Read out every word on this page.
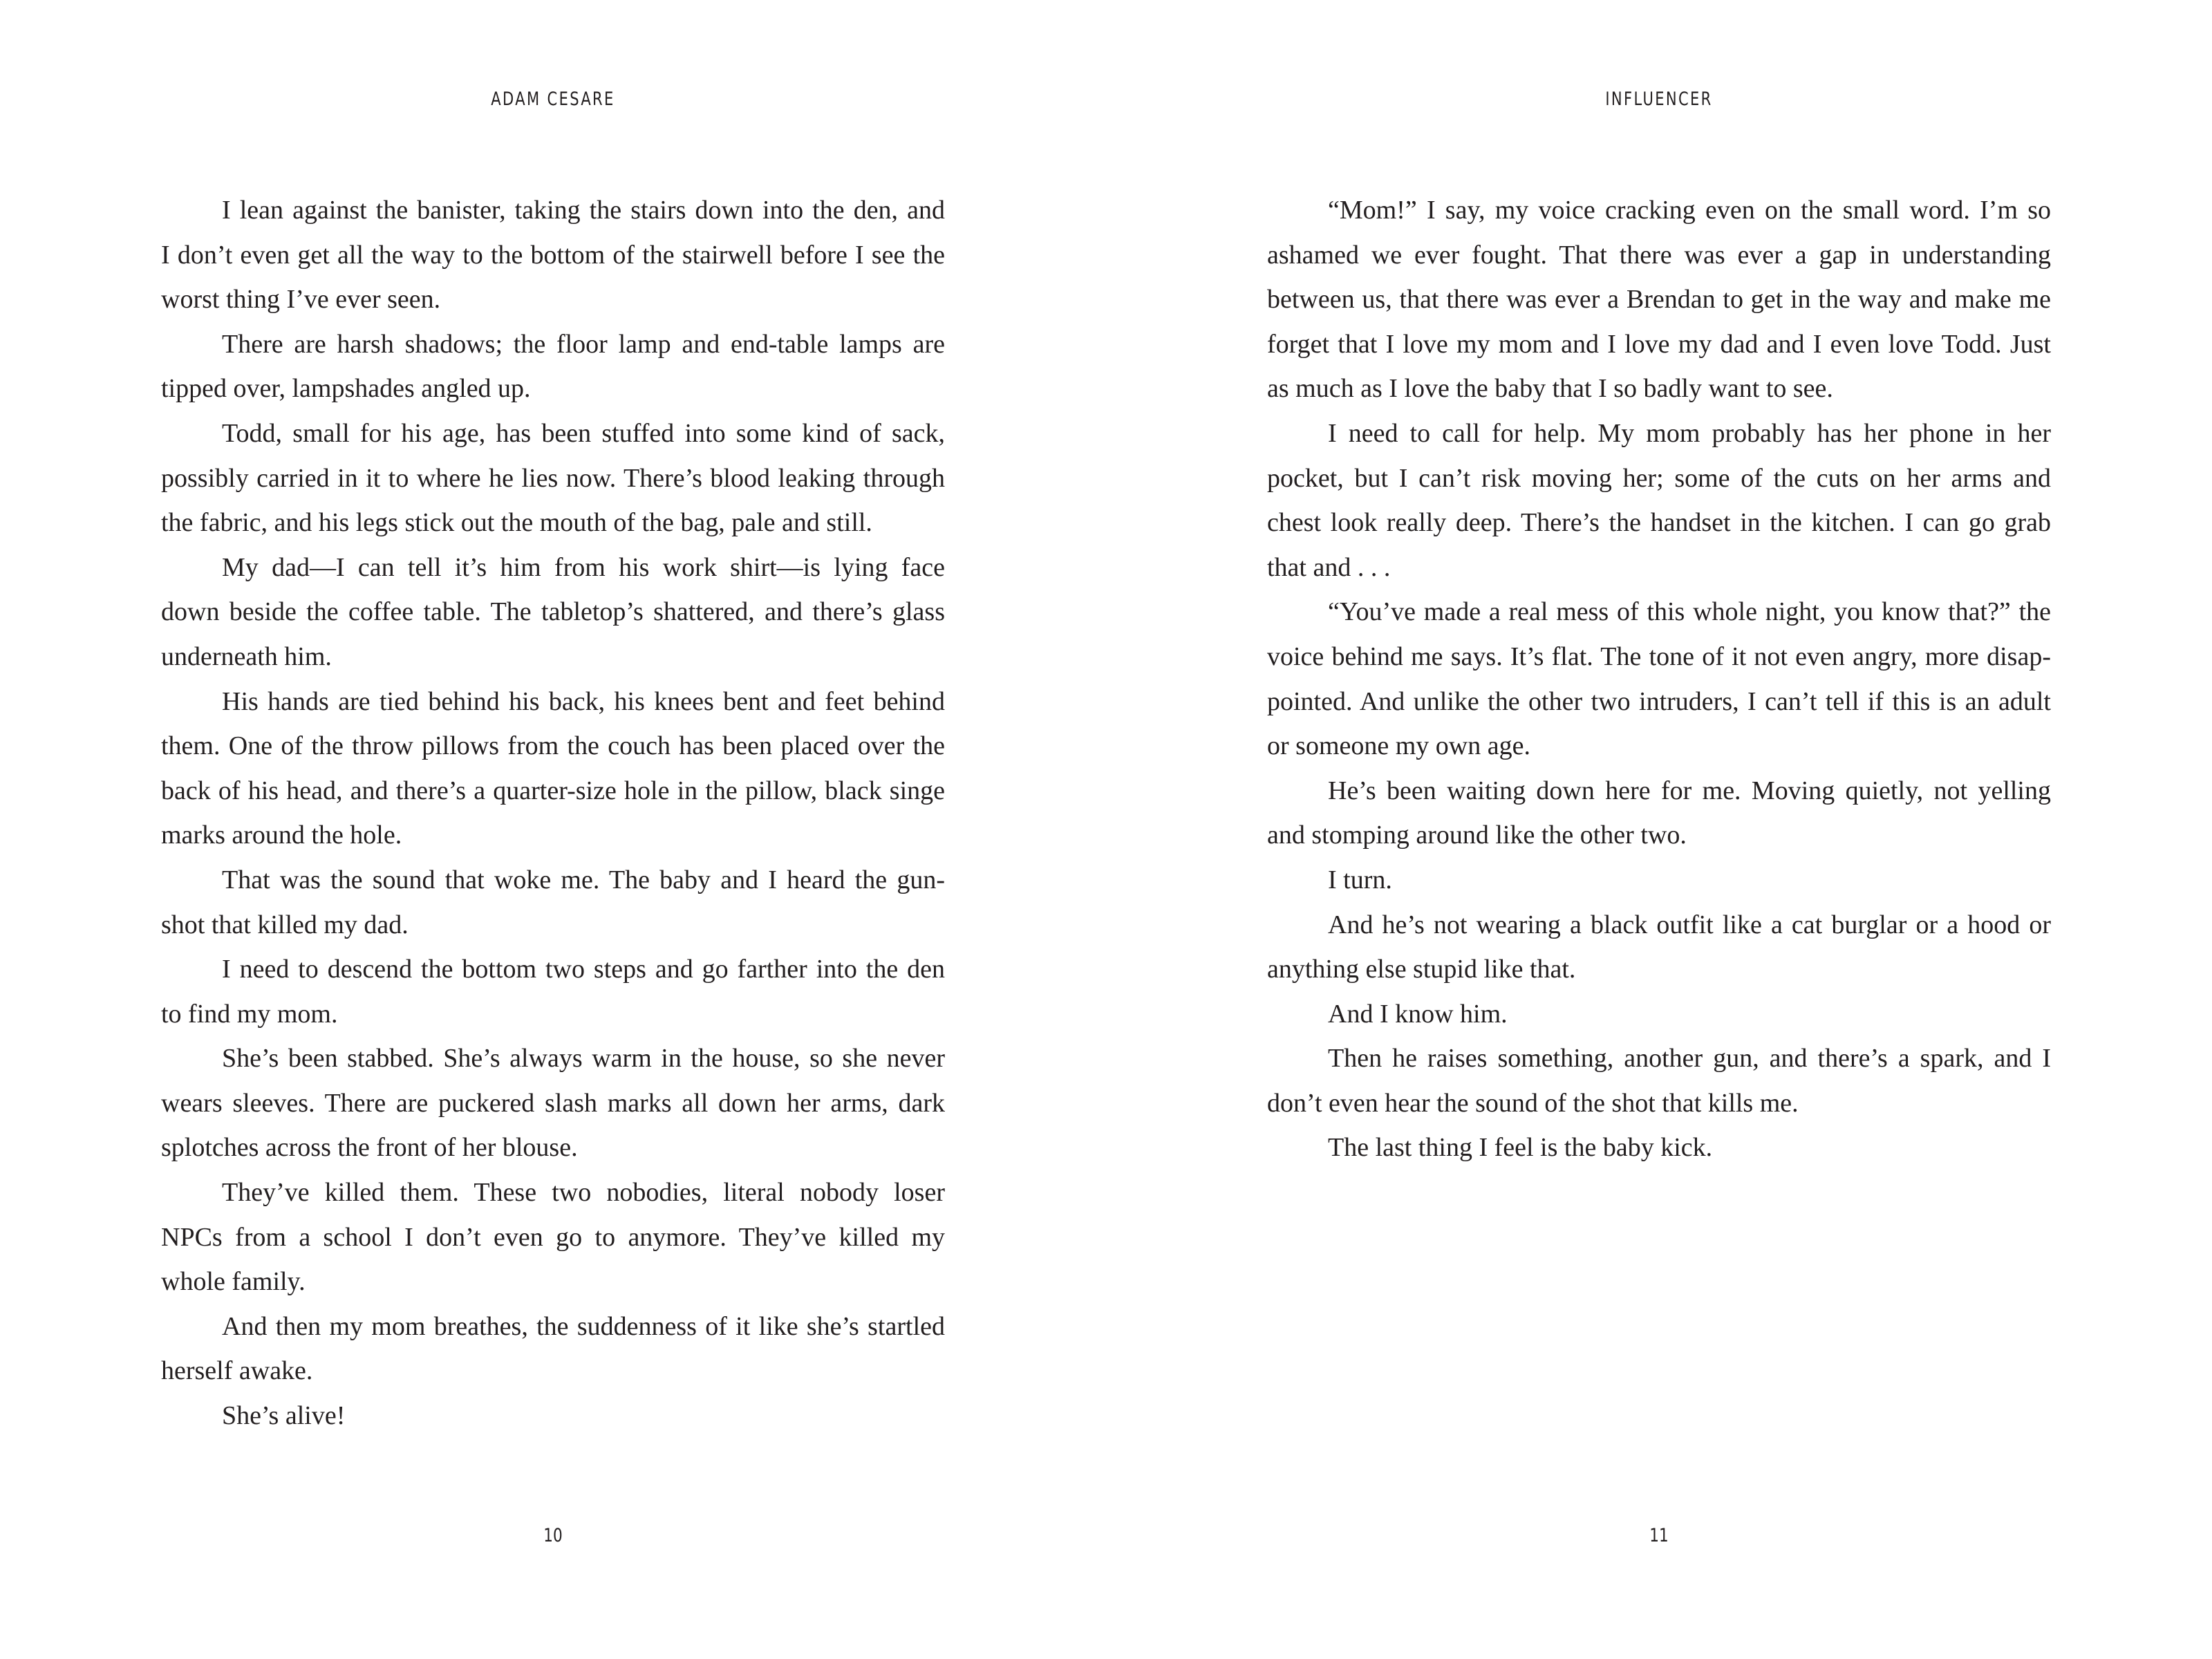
ADAM CESARE
I lean against the banister, taking the stairs down into the den, and
I don’t even get all the way to the bottom of the stairwell before I see the
worst thing I’ve ever seen.
There are harsh shadows; the floor lamp and end-table lamps are
tipped over, lampshades angled up.
Todd, small for his age, has been stuffed into some kind of sack,
possibly carried in it to where he lies now. There’s blood leaking through
the fabric, and his legs stick out the mouth of the bag, pale and still.
My dad—I can tell it’s him from his work shirt—is lying face
down beside the coffee table. The tabletop’s shattered, and there’s glass
underneath him.
His hands are tied behind his back, his knees bent and feet behind
them. One of the throw pillows from the couch has been placed over the
back of his head, and there’s a quarter-size hole in the pillow, black singe
marks around the hole.
That was the sound that woke me. The baby and I heard the gun-
shot that killed my dad.
I need to descend the bottom two steps and go farther into the den
to find my mom.
She’s been stabbed. She’s always warm in the house, so she never
wears sleeves. There are puckered slash marks all down her arms, dark
splotches across the front of her blouse.
They’ve killed them. These two nobodies, literal nobody loser
NPCs from a school I don’t even go to anymore. They’ve killed my
whole family.
And then my mom breathes, the suddenness of it like she’s startled
herself awake.
She’s alive!
10
INFLUENCER
“Mom!” I say, my voice cracking even on the small word. I’m so
ashamed we ever fought. That there was ever a gap in understanding
between us, that there was ever a Brendan to get in the way and make me
forget that I love my mom and I love my dad and I even love Todd. Just
as much as I love the baby that I so badly want to see.
I need to call for help. My mom probably has her phone in her
pocket, but I can’t risk moving her; some of the cuts on her arms and
chest look really deep. There’s the handset in the kitchen. I can go grab
that and . . .
“You’ve made a real mess of this whole night, you know that?” the
voice behind me says. It’s flat. The tone of it not even angry, more disap-
pointed. And unlike the other two intruders, I can’t tell if this is an adult
or someone my own age.
He’s been waiting down here for me. Moving quietly, not yelling
and stomping around like the other two.
I turn.
And he’s not wearing a black outfit like a cat burglar or a hood or
anything else stupid like that.
And I know him.
Then he raises something, another gun, and there’s a spark, and I
don’t even hear the sound of the shot that kills me.
The last thing I feel is the baby kick.
11
